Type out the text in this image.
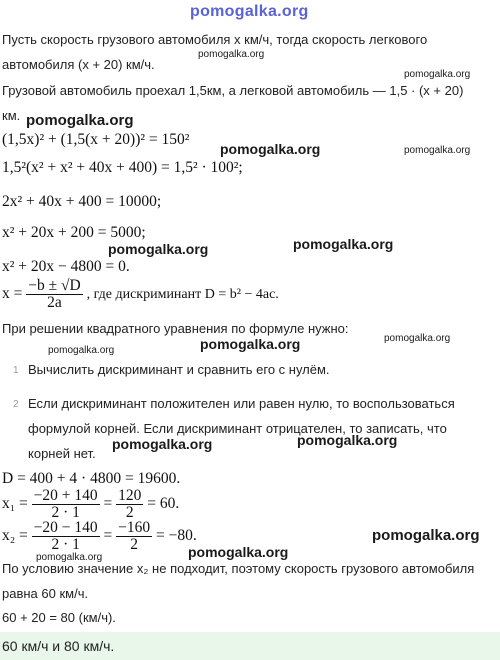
pomogalka.org
Пусть скорость грузового автомобиля x км/ч, тогда скорость легкового
автомобиля (x + 20) км/ч.
Грузовой автомобиль проехал 1,5км, а легковой автомобиль — 1,5 · (x + 20)
км.
(1,5x)² + (1,5(x + 20))² = 150²
1,5²(x² + x² + 40x + 400) = 1,5² · 100²;
2x² + 40x + 400 = 10000;
x² + 20x + 200 = 5000;
x² + 20x − 4800 = 0.
$x = \frac{-b \pm √D}{2a}$ , где дискриминант D = b² − 4ac.
При решении квадратного уравнения по формуле нужно:
1 Вычислить дискриминант и сравнить его с нулём.
2 Если дискриминант положителен или равен нулю, то воспользоваться
формулой корней. Если дискриминант отрицателен, то записать, что
корней нет.
D = 400 + 4 · 4800 = 19600.
$x_1 = \frac{-20 + 140}{2 \cdot 1} = \frac{120}{2} = 60$.
$x_2 = \frac{-20 - 140}{2 \cdot 1} = \frac{-160}{2} = -80$.
По условию значение x₂ не подходит, поэтому скорость грузового автомобиля
равна 60 км/ч.
60 + 20 = 80 (км/ч).
60 км/ч и 80 км/ч.
pomogalka.org
pomogalka.org
pomogalka.org
pomogalka.org	pomogalka.org
pomogalka.org
pomogalka.org
pomogalka.org
pomogalka.org
pomogalka.org
pomogalka.org
pomogalka.org
pomogalka.org
pomogalka.org
pomogalka.org
